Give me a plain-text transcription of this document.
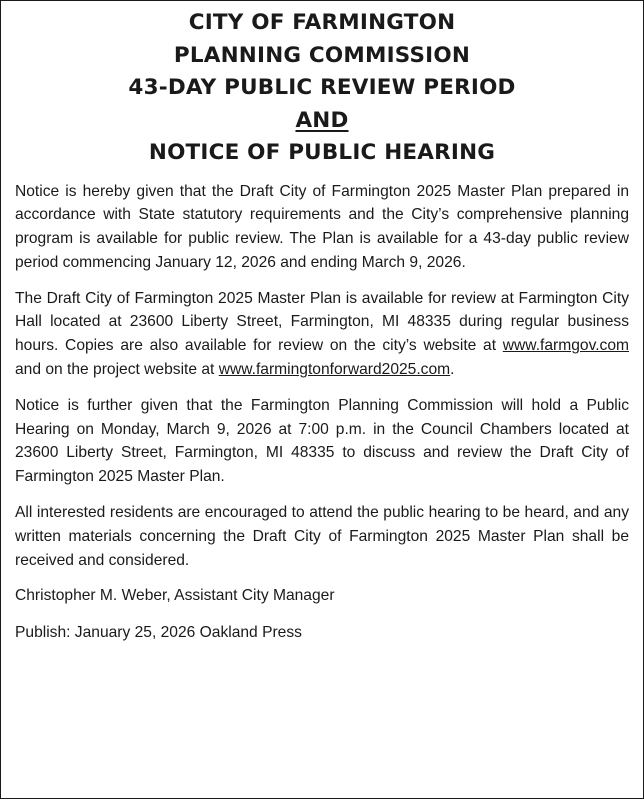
CITY OF FARMINGTON
PLANNING COMMISSION
43-DAY PUBLIC REVIEW PERIOD
AND
NOTICE OF PUBLIC HEARING

Notice is hereby given that the Draft City of Farmington 2025 Master Plan prepared in accordance with State statutory requirements and the City’s comprehensive planning program is available for public review. The Plan is available for a 43-day public review period commencing January 12, 2026 and ending March 9, 2026.

The Draft City of Farmington 2025 Master Plan is available for review at Farmington City Hall located at 23600 Liberty Street, Farmington, MI 48335 during regular business hours. Copies are also available for review on the city’s website at www.farmgov.com and on the project website at www.farmingtonforward2025.com.

Notice is further given that the Farmington Planning Commission will hold a Public Hearing on Monday, March 9, 2026 at 7:00 p.m. in the Council Chambers located at 23600 Liberty Street, Farmington, MI 48335 to discuss and review the Draft City of Farmington 2025 Master Plan.

All interested residents are encouraged to attend the public hearing to be heard, and any written materials concerning the Draft City of Farmington 2025 Master Plan shall be received and considered.

Christopher M. Weber, Assistant City Manager
Publish: January 25, 2026 Oakland Press
